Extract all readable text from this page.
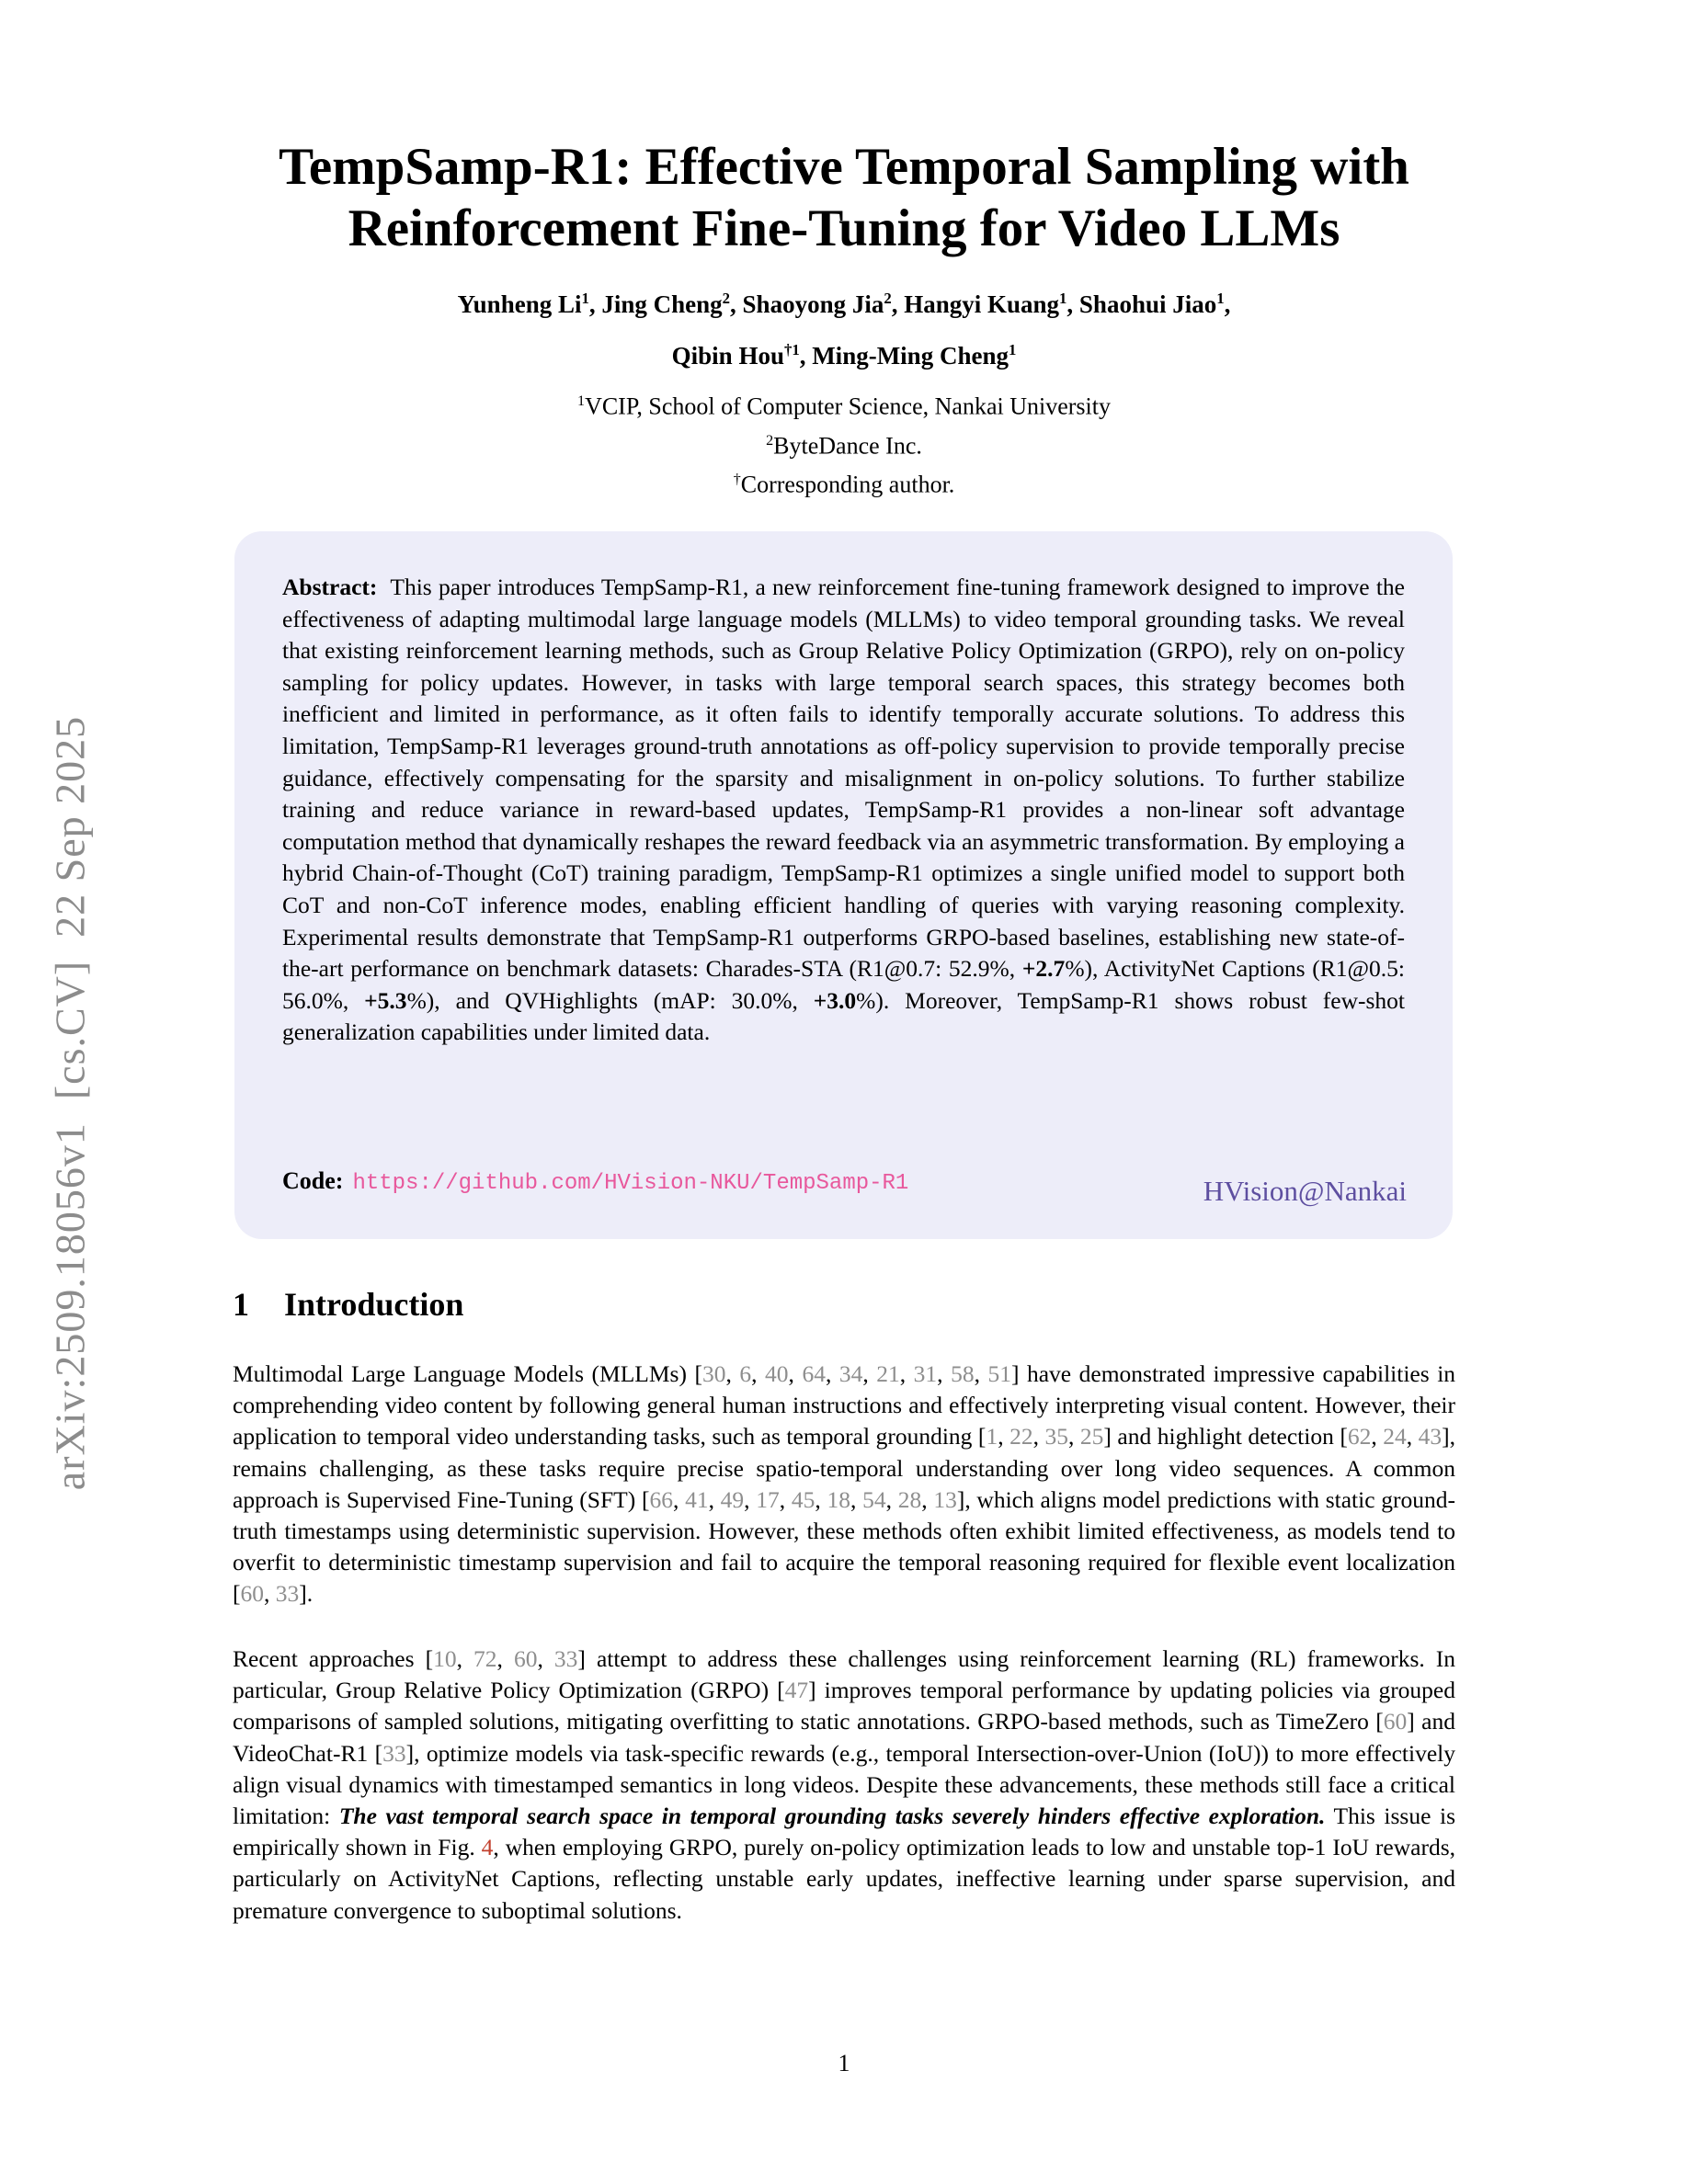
arXiv:2509.18056v1  [cs.CV]  22 Sep 2025
TempSamp-R1: Effective Temporal Sampling with
Reinforcement Fine-Tuning for Video LLMs
Yunheng Li$^1$, Jing Cheng$^2$, Shaoyong Jia$^2$, Hangyi Kuang$^1$, Shaohui Jiao$^1$,
Qibin Hou$^{\dagger 1}$, Ming-Ming Cheng$^1$
$^1$VCIP, School of Computer Science, Nankai University
$^2$ByteDance Inc.
†Corresponding author.
Abstract: This paper introduces TempSamp-R1, a new reinforcement fine-tuning framework designed to improve the effectiveness of adapting multimodal large language models (MLLMs) to video temporal grounding tasks. We reveal that existing reinforcement learning methods, such as Group Relative Policy Optimization (GRPO), rely on on-policy sampling for policy updates. However, in tasks with large temporal search spaces, this strategy becomes both inefficient and limited in performance, as it often fails to identify temporally accurate solutions. To address this limitation, TempSamp-R1 leverages ground-truth annotations as off-policy supervision to provide temporally precise guidance, effectively compensating for the sparsity and misalignment in on-policy solutions. To further stabilize training and reduce variance in reward-based updates, TempSamp-R1 provides a non-linear soft advantage computation method that dynamically reshapes the reward feedback via an asymmetric transformation. By employing a hybrid Chain-of-Thought (CoT) training paradigm, TempSamp-R1 optimizes a single unified model to support both CoT and non-CoT inference modes, enabling efficient handling of queries with varying reasoning complexity. Experimental results demonstrate that TempSamp-R1 outperforms GRPO-based baselines, establishing new state-of-the-art performance on benchmark datasets: Charades-STA (R1@0.7: 52.9%, +2.7%), ActivityNet Captions (R1@0.5: 56.0%, +5.3%), and QVHighlights (mAP: 30.0%, +3.0%). Moreover, TempSamp-R1 shows robust few-shot generalization capabilities under limited data.
Code: https://github.com/HVision-NKU/TempSamp-R1	HVision@Nankai
1 Introduction

Multimodal Large Language Models (MLLMs) [30, 6, 40, 64, 34, 21, 31, 58, 51] have demonstrated impressive capabilities in comprehending video content by following general human instructions and effectively interpreting visual content. However, their application to temporal video understanding tasks, such as temporal grounding [1, 22, 35, 25] and highlight detection [62, 24, 43], remains challenging, as these tasks require precise spatio-temporal understanding over long video sequences. A common approach is Supervised Fine-Tuning (SFT) [66, 41, 49, 17, 45, 18, 54, 28, 13], which aligns model predictions with static ground-truth timestamps using deterministic supervision. However, these methods often exhibit limited effectiveness, as models tend to overfit to deterministic timestamp supervision and fail to acquire the temporal reasoning required for flexible event localization [60, 33].

Recent approaches [10, 72, 60, 33] attempt to address these challenges using reinforcement learning (RL) frameworks. In particular, Group Relative Policy Optimization (GRPO) [47] improves temporal performance by updating policies via grouped comparisons of sampled solutions, mitigating overfitting to static annotations. GRPO-based methods, such as TimeZero [60] and VideoChat-R1 [33], optimize models via task-specific rewards (e.g., temporal Intersection-over-Union (IoU)) to more effectively align visual dynamics with timestamped semantics in long videos. Despite these advancements, these methods still face a critical limitation: The vast temporal search space in temporal grounding tasks severely hinders effective exploration. This issue is empirically shown in Fig. 4, when employing GRPO, purely on-policy optimization leads to low and unstable top-1 IoU rewards, particularly on ActivityNet Captions, reflecting unstable early updates, ineffective learning under sparse supervision, and premature convergence to suboptimal solutions.

1
